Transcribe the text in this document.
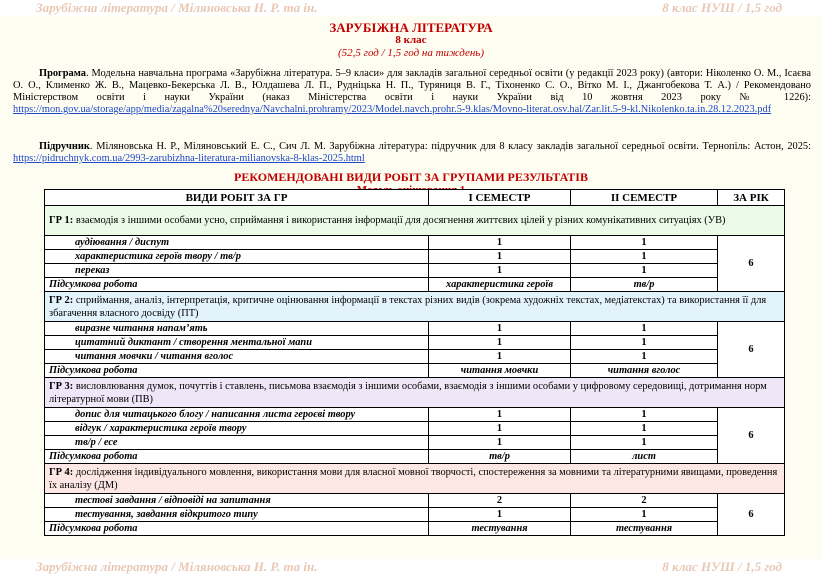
Зарубіжна література / Міляновська Н. Р. та ін.	8 клас НУШ / 1,5 год
ЗАРУБІЖНА ЛІТЕРАТУРА
8 клас
(52,5 год / 1,5 год на тиждень)
Програма. Модельна навчальна програма «Зарубіжна література. 5–9 класи» для закладів загальної середньої освіти (у редакції 2023 року) (автори: Ніколенко О. М., Ісаєва О. О., Клименко Ж. В., Мацевко-Бекерська Л. В., Юлдашева Л. П., Рудніцька Н. П., Туряниця В. Г., Тіхоненко С. О., Вітко М. І., Джангобекова Т. А.) / Рекомендовано Міністерством освіти і науки України (наказ Міністерства освіти і науки України від 10 жовтня 2023 року № 1226): https://mon.gov.ua/storage/app/media/zagalna%20serednya/Navchalni.prohramy/2023/Model.navch.prohr.5-9.klas/Movno-literat.osv.hal/Zar.lit.5-9-kl.Nikolenko.ta.in.28.12.2023.pdf
Підручник. Міляновська Н. Р., Міляновський Е. С., Сич Л. М. Зарубіжна література: підручник для 8 класу закладів загальної середньої освіти. Тернопіль: Астон, 2025: https://pidruchnyk.com.ua/2993-zarubizhna-literatura-milianovska-8-klas-2025.html
РЕКОМЕНДОВАНІ ВИДИ РОБІТ ЗА ГРУПАМИ РЕЗУЛЬТАТІВ
ВИДИ РОБІТ ЗА ГР	І СЕМЕСТР	ІІ СЕМЕСТР	ЗА РІК
ГР 1: взаємодія з іншими особами усно, сприймання і використання інформації для досягнення життєвих цілей у різних комунікативних ситуаціях (УВ)			
аудіювання / диспут	1	1	6
характеристика героїв твору / тв/р	1	1	
переказ	1	1	
Підсумкова робота	характеристика героїв	тв/р	
ГР 2: сприймання, аналіз, інтерпретація, критичне оцінювання інформації в текстах різних видів (зокрема художніх текстах, медіатекстах) та використання її для збагачення власного досвіду (ПТ)			
виразне читання напам’ять	1	1	6
цитатний диктант / створення ментальної мапи	1	1	
читання мовчки / читання вголос	1	1	
Підсумкова робота	читання мовчки	читання вголос	
ГР 3: висловлювання думок, почуттів і ставлень, письмова взаємодія з іншими особами, взаємодія з іншими особами у цифровому середовищі, дотримання норм літературної мови (ПВ)			
допис для читацького блогу / написання листа героєві твору	1	1	6
відгук / характеристика героїв твору	1	1	
тв/р / есе	1	1	
Підсумкова робота	тв/р	лист	
ГР 4: дослідження індивідуального мовлення, використання мови для власної мовної творчості, спостереження за мовними та літературними явищами, проведення їх аналізу (ДМ)			
тестові завдання / відповіді на запитання	2	2	6
тестування, завдання відкритого типу	1	1	
Підсумкова робота	тестування	тестування	
Зарубіжна література / Міляновська Н. Р. та ін.	8 клас НУШ / 1,5 год
